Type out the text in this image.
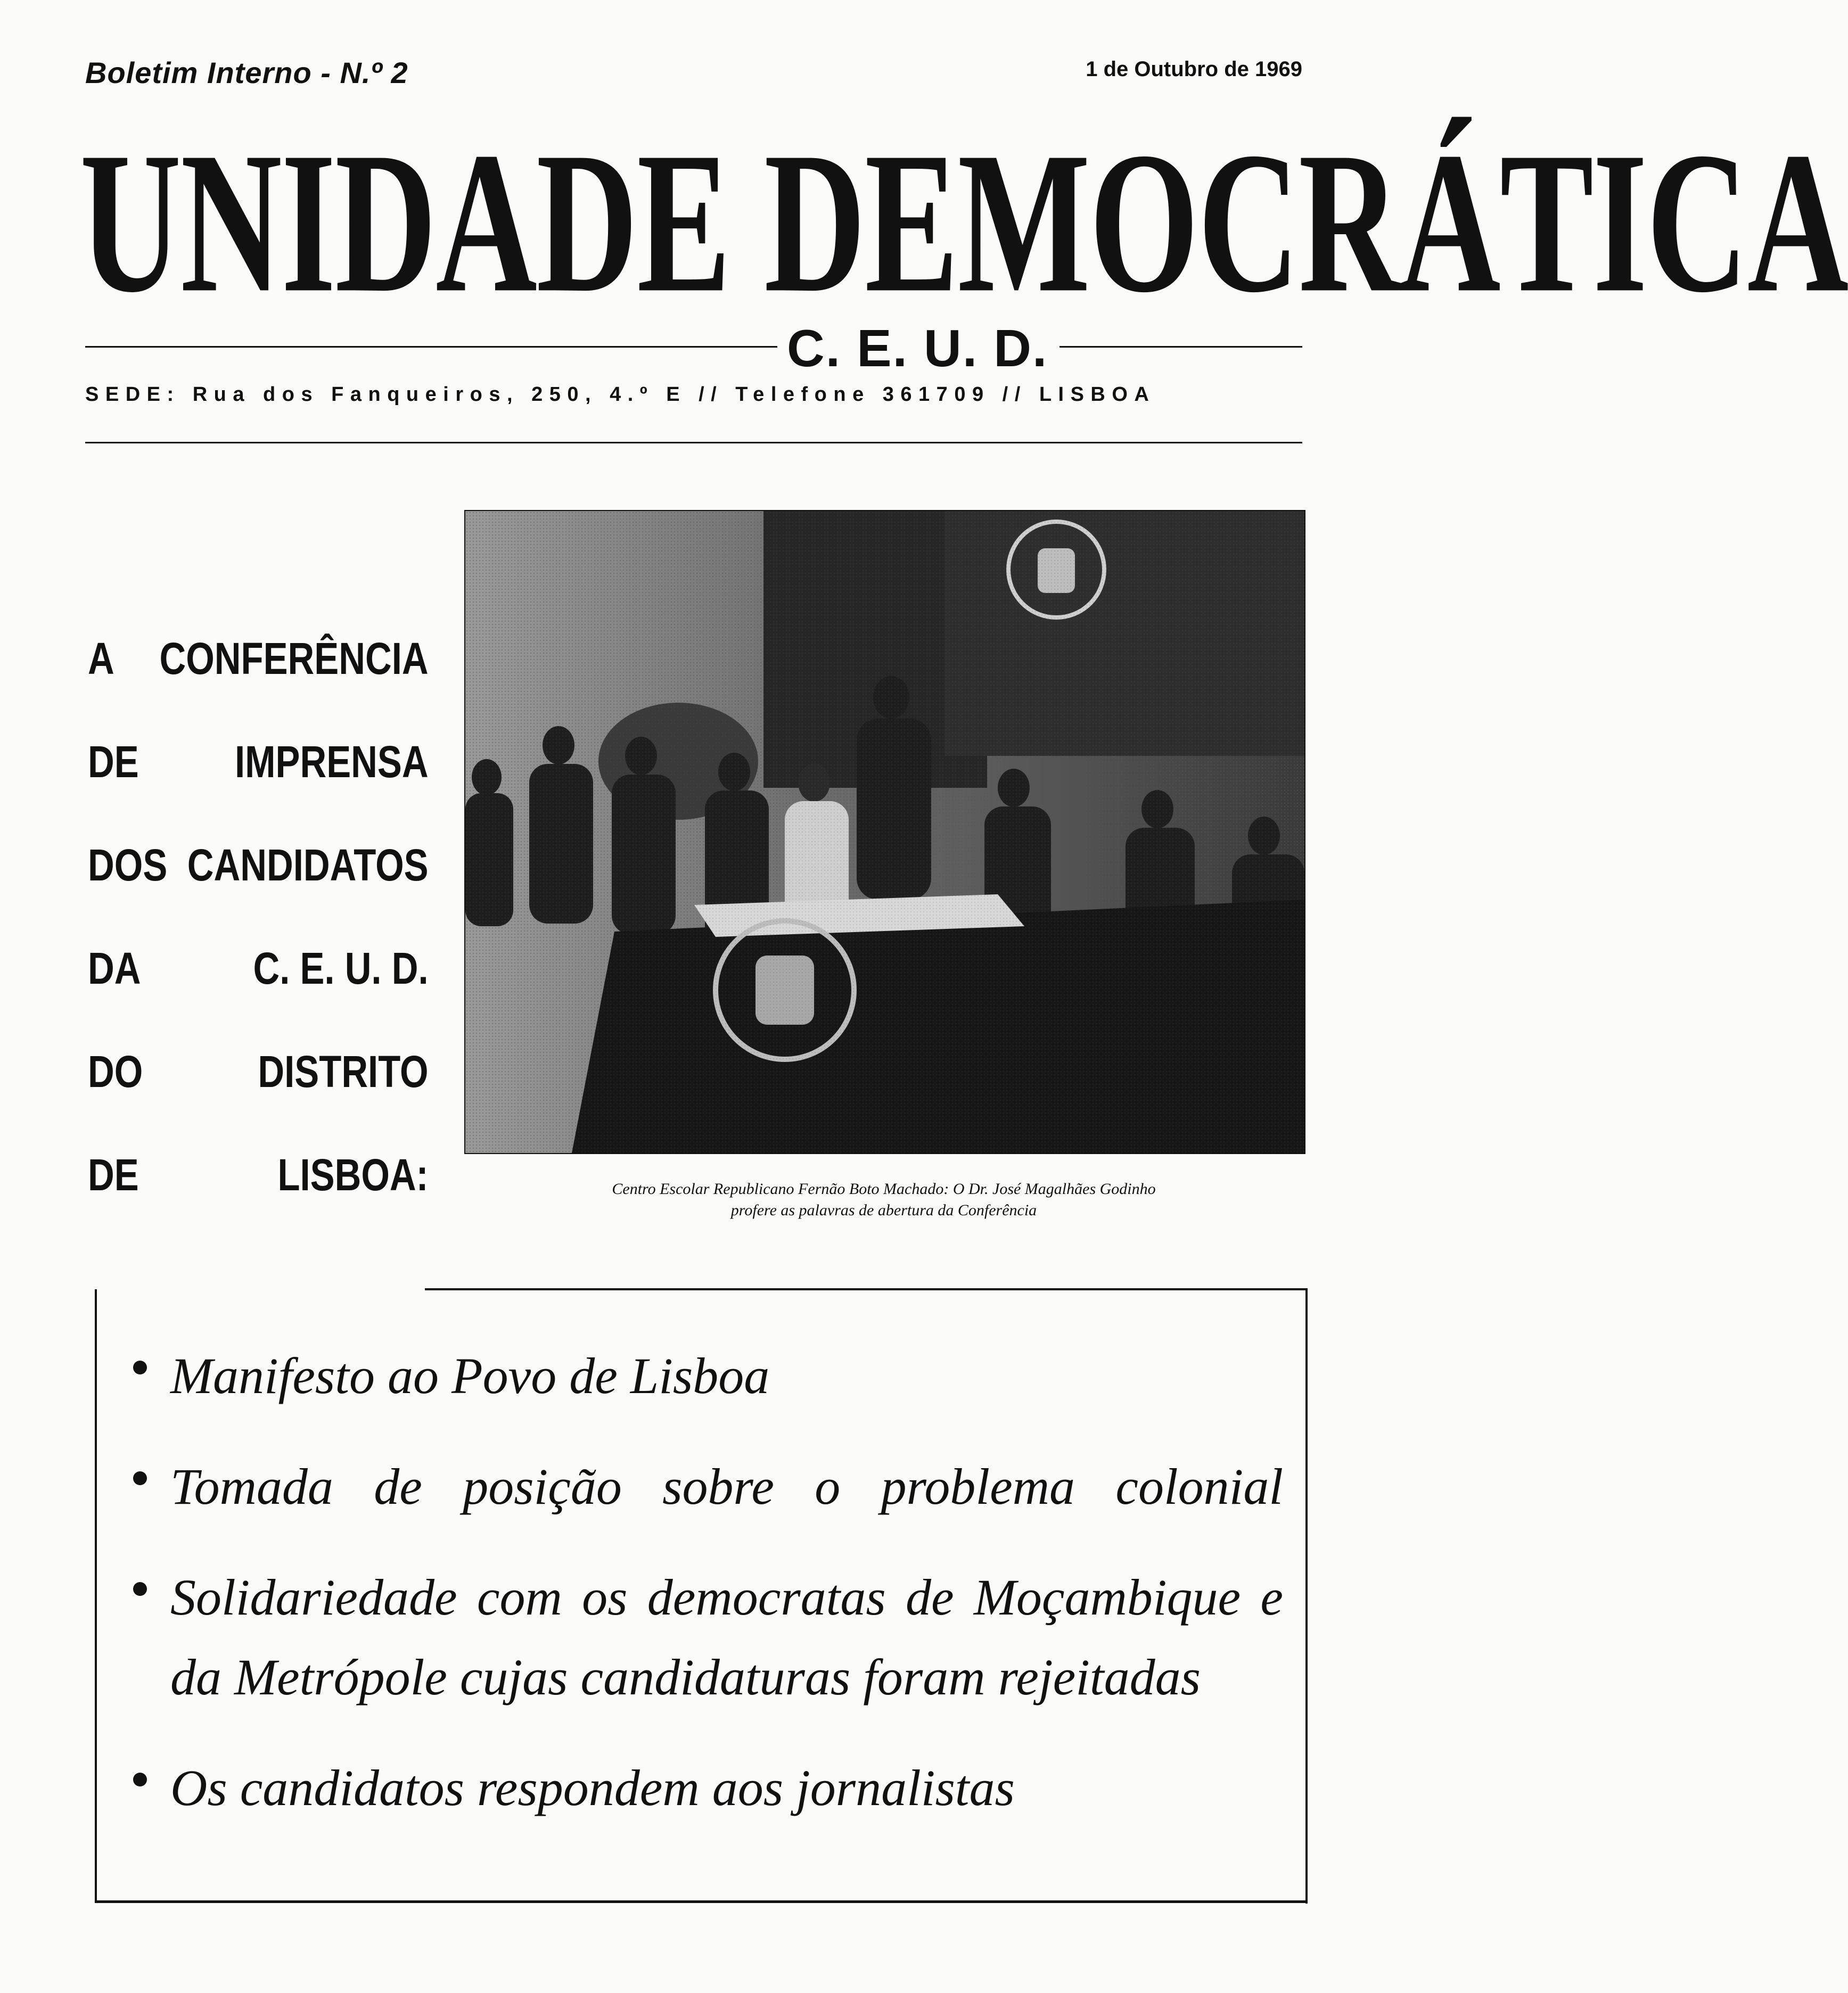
Boletim Interno - N.º 2	1 de Outubro de 1969
UNIDADE DEMOCRÁTICA
C. E. U. D.
SEDE: Rua dos Fanqueiros, 250, 4.º E // Telefone 361709 // LISBOA
A CONFERÊNCIA
DE IMPRENSA
DOS CANDIDATOS
DA	C. E. U. D.
DO	DISTRITO
DE	LISBOA:	Centro Escolar Republicano Fernão Boto Machado: O Dr. José Magalhães Godinho
profere as palavras de abertura da Conferência
Manifesto ao Povo de Lisboa
Tomada de posição sobre o problema colonial
Solidariedade com os democratas de Moçambique e da Metrópole cujas candidaturas foram rejeitadas
Os candidatos respondem aos jornalistas
